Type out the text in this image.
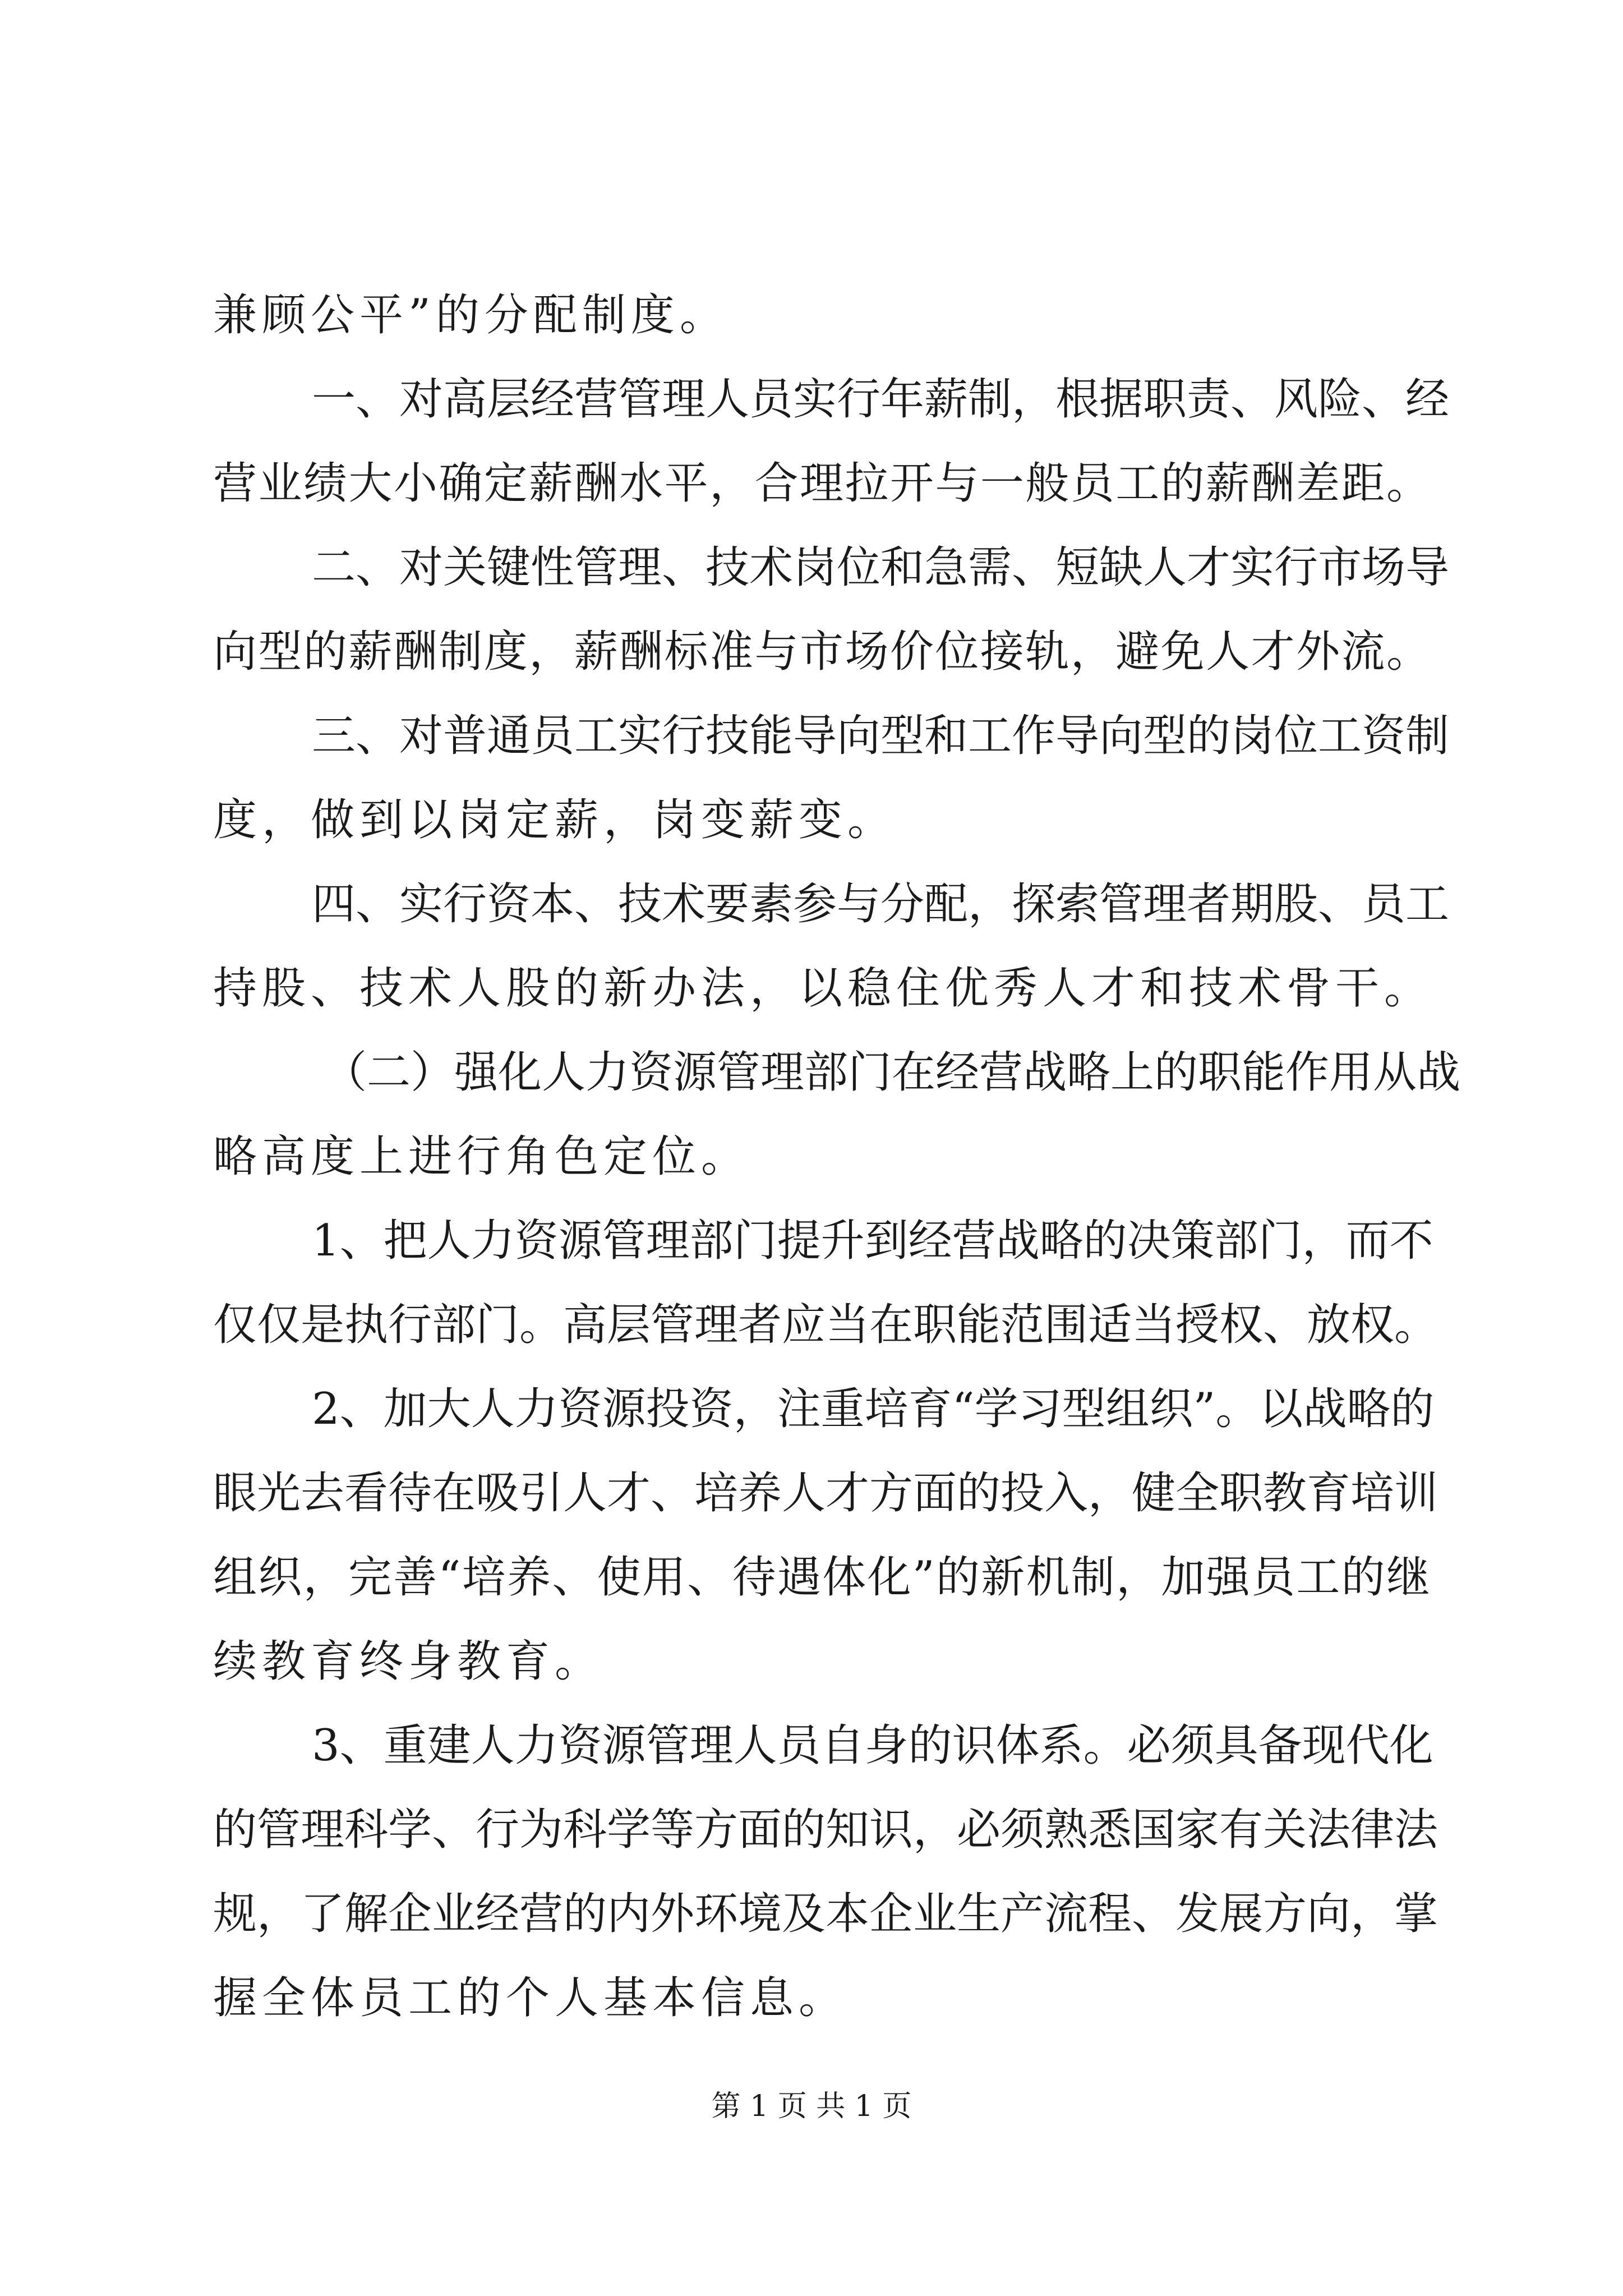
兼顾公平”的分配制度。
一、对高层经营管理人员实行年薪制，根据职责、风险、经
营业绩大小确定薪酬水平，合理拉开与一般员工的薪酬差距。
二、对关键性管理、技术岗位和急需、短缺人才实行市场导
向型的薪酬制度，薪酬标准与市场价位接轨，避免人才外流。
三、对普通员工实行技能导向型和工作导向型的岗位工资制
度，做到以岗定薪，岗变薪变。
四、实行资本、技术要素参与分配，探索管理者期股、员工
持股、技术人股的新办法，以稳住优秀人才和技术骨干。
（二）强化人力资源管理部门在经营战略上的职能作用从战
略高度上进行角色定位。
1、把人力资源管理部门提升到经营战略的决策部门，而不
仅仅是执行部门。高层管理者应当在职能范围适当授权、放权。
2、加大人力资源投资，注重培育“学习型组织”。以战略的
眼光去看待在吸引人才、培养人才方面的投入，健全职教育培训
组织，完善“培养、使用、待遇体化”的新机制，加强员工的继
续教育终身教育。
3、重建人力资源管理人员自身的识体系。必须具备现代化
的管理科学、行为科学等方面的知识，必须熟悉国家有关法律法
规，了解企业经营的内外环境及本企业生产流程、发展方向，掌
握全体员工的个人基本信息。
第 1 页 共 1 页
